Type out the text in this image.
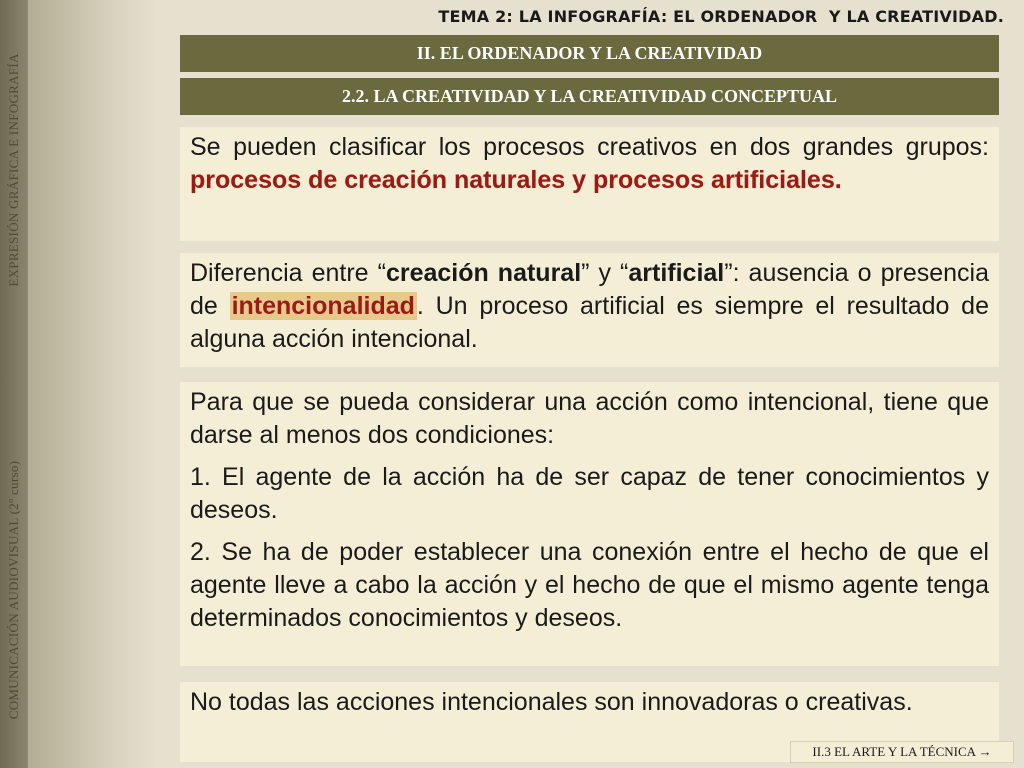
EXPRESIÓN GRÁFICA E INFOGRAFÍA
COMUNICACIÓN AUDIOVISUAL (2º curso)
TEMA 2: LA INFOGRAFÍA: EL ORDENADOR  Y LA CREATIVIDAD.
II. EL ORDENADOR Y LA CREATIVIDAD
2.2. LA CREATIVIDAD Y LA CREATIVIDAD CONCEPTUAL

Se pueden clasificar los procesos creativos en dos grandes grupos: procesos de creación naturales y procesos artificiales.

Diferencia entre “creación natural” y “artificial”: ausencia o presencia de intencionalidad. Un proceso artificial es siempre el resultado de alguna acción intencional.

Para que se pueda considerar una acción como intencional, tiene que darse al menos dos condiciones:

1. El agente de la acción ha de ser capaz de tener conocimientos y deseos.

2. Se ha de poder establecer una conexión entre el hecho de que el agente lleve a cabo la acción y el hecho de que el mismo agente tenga determinados conocimientos y deseos.

No todas las acciones intencionales son innovadoras o creativas.

II.3 EL ARTE Y LA TÉCNICA →
